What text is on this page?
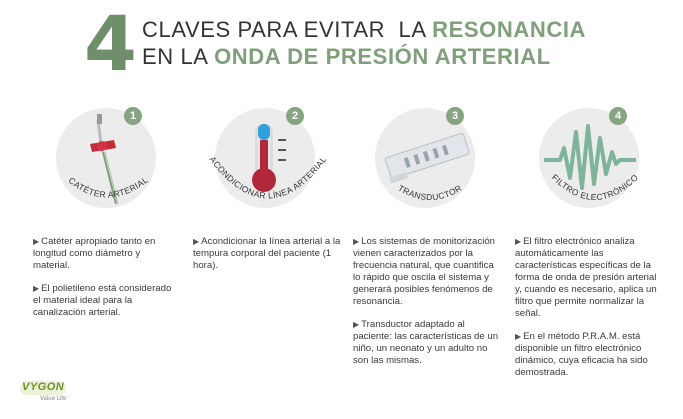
4 CLAVES PARA EVITAR  LA RESONANCIA
EN LA ONDA DE PRESIÓN ARTERIAL
1
CATÉTER ARTERIAL
2
ACONDICIONAR LÍNEA ARTERIAL
3
TRANSDUCTOR
4
FILTRO ELECTRÓNICO

▶ Catéter apropiado tanto en longitud como diámetro y material.

▶ El polietileno está considerado el material ideal para la canalización arterial.

▶ Acondicionar la línea arterial a la tempura corporal del paciente (1 hora).

▶ Los sistemas de monitorización vienen caracterizados por la frecuencia natural, que cuantifica lo rápido que oscila el sistema y generará posibles fenómenos de resonancia.

▶ Transductor adaptado al paciente: las características de un niño, un neonato y un adulto no son las mismas.

▶ El filtro electrónico analiza automáticamente las características específicas de la forma de onda de presión arterial y, cuando es necesario, aplica un filtro que permite normalizar la señal.

▶ En el método P.R.A.M. está disponible un filtro electrónico dinámico, cuya eficacia ha sido demostrada.

VYGON
Value Life
